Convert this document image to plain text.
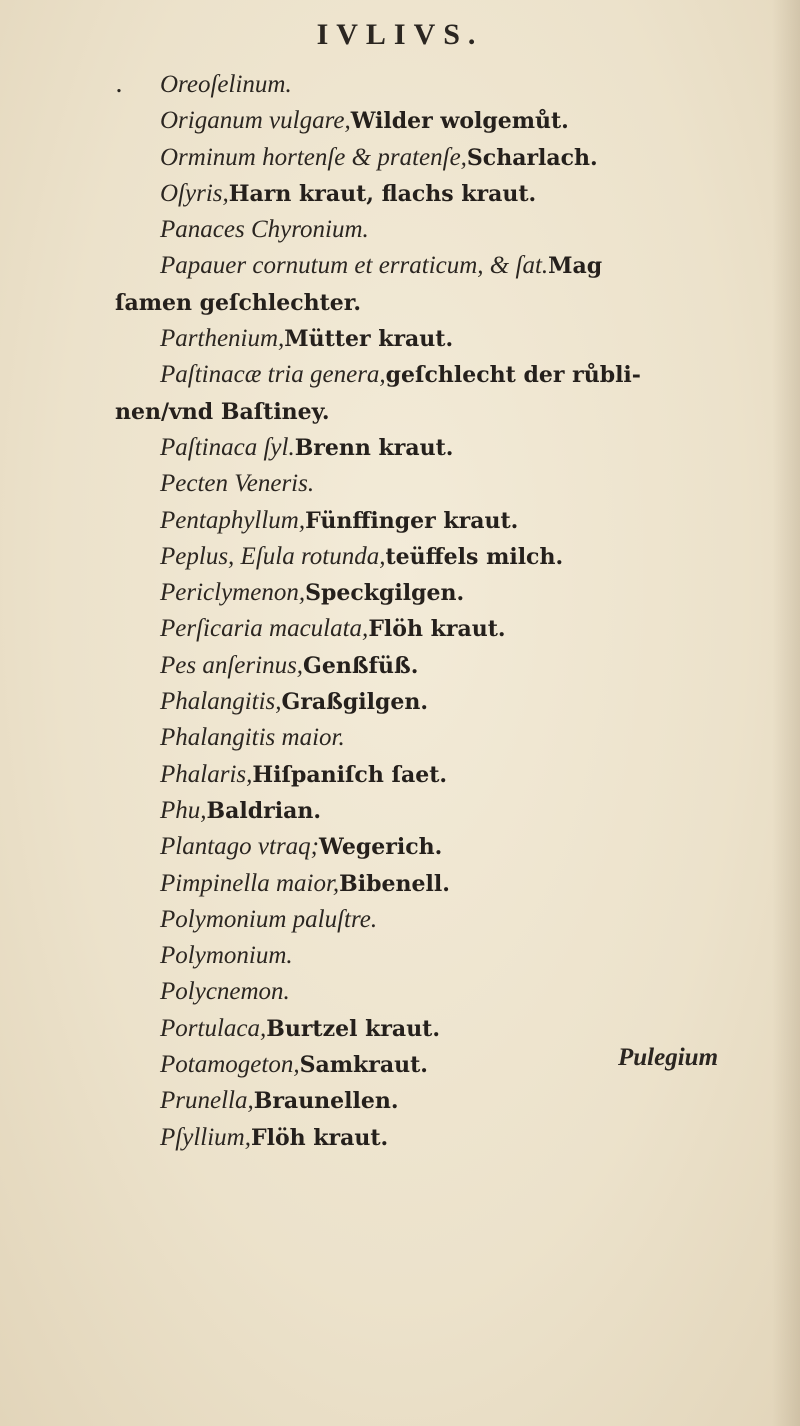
IVLIVS.
. Oreoſelinum.
Origanum vulgare,Wilder wolgemůt.
Orminum hortenſe & pratenſe,Scharlach.
Oſyris,Harn kraut, flachs kraut.
Panaces Chyronium.
Papauer cornutum et erraticum, & ſat.Mag
ſamen geſchlechter.
Parthenium,Mütter kraut.
Paſtinacæ tria genera,geſchlecht der růbli-
nen/vnd Baſtiney.
Paſtinaca ſyl.Brenn kraut.
Pecten Veneris.
Pentaphyllum,Fünffinger kraut.
Peplus, Eſula rotunda,teüffels milch.
Periclymenon,Speckgilgen.
Perſicaria maculata,Flöh kraut.
Pes anſerinus,Genßfüß.
Phalangitis,Graßgilgen.
Phalangitis maior.
Phalaris,Hiſpaniſch ſaet.
Phu,Baldrian.
Plantago vtraq;Wegerich.
Pimpinella maior,Bibenell.
Polymonium paluſtre.
Polymonium.
Polycnemon.
Portulaca,Burtzel kraut.
Potamogeton,Samkraut.
Prunella,Braunellen.
Pſyllium,Flöh kraut.
Pulegium
